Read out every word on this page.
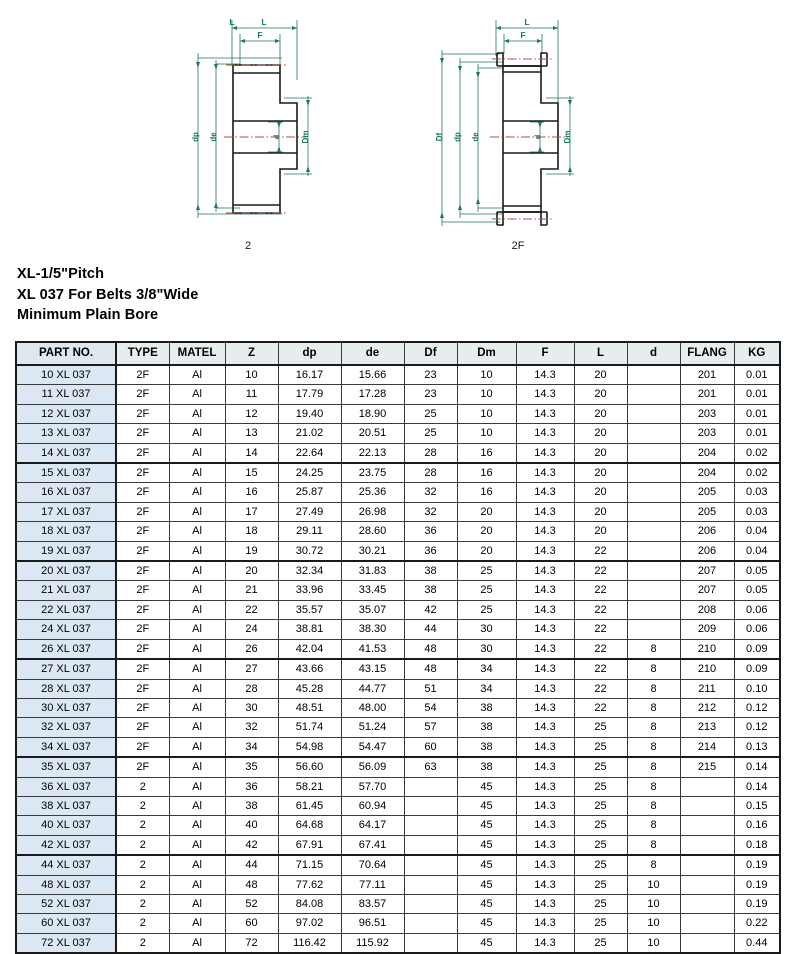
L	L
F
dp de	d	Dm
2
L
F
Df dp de	d	Dm
2F
XL-1/5"Pitch
XL 037 For Belts 3/8"Wide
Minimum Plain Bore
PART NO.	TYPE	MATEL	Z	dp	de	Df	Dm	F	L	d	FLANG	KG
10 XL 037	2F	Al	10	16.17	15.66	23	10	14.3	20		201	0.01
11 XL 037	2F	Al	11	17.79	17.28	23	10	14.3	20		201	0.01
12 XL 037	2F	Al	12	19.40	18.90	25	10	14.3	20		203	0.01
13 XL 037	2F	Al	13	21.02	20.51	25	10	14.3	20		203	0.01
14 XL 037	2F	Al	14	22.64	22.13	28	16	14.3	20		204	0.02
15 XL 037	2F	Al	15	24.25	23.75	28	16	14.3	20		204	0.02
16 XL 037	2F	Al	16	25.87	25.36	32	16	14.3	20		205	0.03
17 XL 037	2F	Al	17	27.49	26.98	32	20	14.3	20		205	0.03
18 XL 037	2F	Al	18	29.11	28.60	36	20	14.3	20		206	0.04
19 XL 037	2F	Al	19	30.72	30.21	36	20	14.3	22		206	0.04
20 XL 037	2F	Al	20	32.34	31.83	38	25	14.3	22		207	0.05
21 XL 037	2F	Al	21	33.96	33.45	38	25	14.3	22		207	0.05
22 XL 037	2F	Al	22	35.57	35.07	42	25	14.3	22		208	0.06
24 XL 037	2F	Al	24	38.81	38.30	44	30	14.3	22		209	0.06
26 XL 037	2F	Al	26	42.04	41.53	48	30	14.3	22	8	210	0.09
27 XL 037	2F	Al	27	43.66	43.15	48	34	14.3	22	8	210	0.09
28 XL 037	2F	Al	28	45.28	44.77	51	34	14.3	22	8	211	0.10
30 XL 037	2F	Al	30	48.51	48.00	54	38	14.3	22	8	212	0.12
32 XL 037	2F	Al	32	51.74	51.24	57	38	14.3	25	8	213	0.12
34 XL 037	2F	Al	34	54.98	54.47	60	38	14.3	25	8	214	0.13
35 XL 037	2F	Al	35	56.60	56.09	63	38	14.3	25	8	215	0.14
36 XL 037	2	Al	36	58.21	57.70		45	14.3	25	8		0.14
38 XL 037	2	Al	38	61.45	60.94		45	14.3	25	8		0.15
40 XL 037	2	Al	40	64.68	64.17		45	14.3	25	8		0.16
42 XL 037	2	Al	42	67.91	67.41		45	14.3	25	8		0.18
44 XL 037	2	Al	44	71.15	70.64		45	14.3	25	8		0.19
48 XL 037	2	Al	48	77.62	77.11		45	14.3	25	10		0.19
52 XL 037	2	Al	52	84.08	83.57		45	14.3	25	10		0.19
60 XL 037	2	Al	60	97.02	96.51		45	14.3	25	10		0.22
72 XL 037	2	Al	72	116.42	115.92		45	14.3	25	10		0.44
